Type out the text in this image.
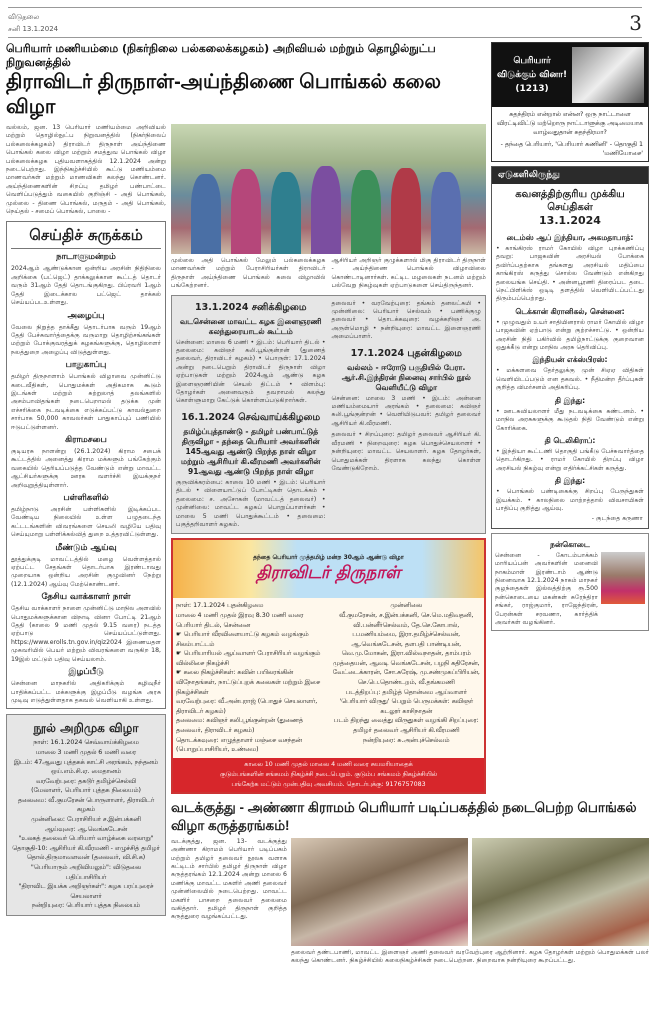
விடுதலை
சனி 13.1.2024	3
பெரியார் மணியம்மை (நிகர்நிலை பல்கலைக்கழகம்) அறிவியல் மற்றும் தொழில்நுட்ப நிறுவனத்தில்
திராவிடர் திருநாள்-அய்ந்திணை பொங்கல் கலை விழா
பெரியார் விடுக்கும் வினா! (1213)
சுதந்திரம் என்றால் என்ன? ஒரு நாட்டாளை விரட்டிவிட்டு மற்றொரு நாட்டாளுக்கு அடிமையாக வாழ்வதுதான் சுதந்திரமா?
- தந்தை பெரியார், 'பெரியார் கணினி' - தொகுதி 1 'மணியோசை'
ஏடுகளிலிருந்து
கவனத்திற்குரிய முக்கிய செய்திகள்
13.1.2024
டைம்ஸ் ஆப் இந்தியா, அகமதாபாத்:
• காங்கிரஸ் ராமர் கோயில் விழா புறக்கணிப்பு தவறு: பாஜகவின் அரசியல் போக்கை தவிர்ப்பதற்காக தங்களது அரசியல் மதிப்பை காங்கிரஸ் கருத்து சொல்ல வேண்டும் என்கிறது தலையங்க செய்தி. • அன்னபூரணி திரைப்பட தடை நெட்பிளிக்ஸ் ஒடிடி தளத்தில் வெளியிடப்பட்டது திரும்பப்பெற்றது.
டெக்கான் கிரானிகல், சென்னை:
• முழுவதும் உயர் சாதியினரால் ராமர் கோயில் விழா பாஜகவின் ஏற்பாடு என்று குற்றச்சாட்டு. • ஒன்றிய அரசின் நிதி பகிர்வில் தமிழ்நாட்டுக்கு குறைவான ஒதுக்கீடு என்று மாநில அரசு தெரிவிப்பு.
இந்தியன் எக்ஸ்பிரஸ்:
• மக்களவை தேர்தலுக்கு முன் சிஏஏ விதிகள் வெளியிடப்படும் என தகவல். • நீதிமன்ற தீர்ப்புகள் குறித்த விமர்சனம் அதிகரிப்பு.
தி இந்து:
• ஊடகவியலாளர் மீது நடவடிக்கை கண்டனம். • மாநில அரசுகளுக்கு கூடுதல் நிதி வேண்டும் என்று கோரிக்கை.
தி டெலிகிராப்:
• இந்தியா கூட்டணி தொகுதி பங்கீடு பேச்சுவார்த்தை தொடர்கிறது. • ராமர் கோயில் திறப்பு விழா அரசியல் நிகழ்வு என்று எதிர்க்கட்சிகள் கருத்து.
தி இந்து:
• பொங்கல் பண்டிகைக்கு சிறப்பு பேருந்துகள் இயக்கம். • காலநிலை மாற்றத்தால் விவசாயிகள் பாதிப்பு குறித்து ஆய்வு.
- குடந்தை கருணா
நன்கொடை
சென்னை - கோடம்பாக்கம் மாரியப்பன் அவர்களின் மனைவி நாகம்மாள் இரண்டாம் ஆண்டு நினைவாக 12.1.2024 நாகம் மாநகர் குழந்தைகள் இல்லத்திற்கு ரூ.500 நன்கொடையை மகன்கள் சுரேந்திரா சங்கர், ராஜ்குமார், ராஜேந்திரன், பேரன்கள் சரவணா, கார்த்திக் அவர்கள் வழங்கினர்.
வல்லம், ஜன. 13 பெரியார் மணியம்மை அறிவியல் மற்றும் தொழில்நுட்ப நிறுவனத்தில் (நிகர்நிலைப் பல்கலைக்கழகம்) திராவிடர் திருநாள் அய்ந்திணை பொங்கல் கலை விழா மற்றும் சமத்துவ பொங்கல் விழா பல்கலைக்கழக புதியவளாகத்தில் 12.1.2024 அன்று நடைபெற்றது. இந்நிகழ்ச்சியில் கூட்டு மணியம்மை மாணவர்கள் மற்றும் மாணவிகள் கலந்து கொண்டனர். அய்ந்திணைகளின் சிறப்பு தமிழர் பண்பாட்டை வெளிப்படுத்தும் வகையில் குறிஞ்சி - அதி பொங்கல், முல்லை - திணை பொங்கல், மருதம் - அதி பொங்கல், நெய்தல் - சமைப் பொங்கல், பாலை -
செய்திச் சுருக்கம்
நாடாளுமன்றம்
2024ஆம் ஆண்டுக்கான ஒன்றிய அரசின் நிதிநிலை அறிக்கை (பட்ஜெட்) தாக்கலுக்கான கூட்டத் தொடர் வரும் 31ஆம் தேதி தொடங்குகிறது. பிப்ரவரி 1ஆம் தேதி இடைக்கால பட்ஜெட் தாக்கல் செய்யப்படஉள்ளது.
அழைப்பு
வேலை நிறுத்த தாக்கீது தொடர்பாக வரும் 19ஆம் தேதி பேச்சுவார்த்தைக்கு வருமாறு தொழிற்சங்கங்கள் மற்றும் போக்குவரத்துக் கழகங்களுக்கு, தொழிலாளர் நலத்துறை அழைப்பு விடுத்துள்ளது.
பாதுகாப்பு
தமிழர் திருநாளாம் பொங்கல் விழாவை முன்னிட்டு கடைவீதிகள், பொதுமக்கள் அதிகமாக கூடும் இடங்கள் மற்றும் சுற்றுலாத் தலங்களில் அசம்பாவிதங்கள் நடைபெறாமல் தடுக்க முன் எச்சரிக்கை நடவடிக்கை எடுக்கப்பட்டு காவல்துறை சார்பாக 50,000 காவலர்கள் பாதுகாப்புப் பணியில் ஈடுபட்டுள்ளனர்.
கிராமசபை
குடியரசு நாளன்று (26.1.2024) கிராம சபைக் கூட்டத்தில் அனைத்து கிராம மக்களும் பங்கேற்கும் வகையில் தெரியப்படுத்த வேண்டும் என்று மாவட்ட ஆட்சியர்களுக்கு ஊரக வளர்ச்சி இயக்குநர் அறிவுறுத்தியுள்ளார்.
பள்ளிகளில்
தமிழ்நாடு அரசின் பள்ளிகளில் இடிக்கப்பட வேண்டிய நிலையில் உள்ள பழுதடைந்த கட்டடங்களின் விவரங்களை செயலி வழியே பதிவு செய்யுமாறு பள்ளிக்கல்வித் துறை உத்தரவிட்டுள்ளது.
மீண்டும் ஆய்வு
தூத்துக்குடி மாவட்டத்தில் மழை வெள்ளத்தால் ஏற்பட்ட சேதங்கள் தொடர்பாக இரண்டாவது முறையாக ஒன்றிய அரசின் குழுவினர் நேற்று (12.1.2024) ஆய்வு மேற்கொண்டனர்.
தேசிய வாக்காளர் நாள்
தேசிய வாக்காளர் நாளை முன்னிட்டு மாநில அளவில் பொதுமக்களுக்கான விநாடி வினா போட்டி 21ஆம் தேதி (காலை 9 மணி முதல் 9.15 வரை) நடத்த ஏற்பாடு செய்யப்பட்டுள்ளது. https://www.erolls.tn.gov.in/qiz2024 இணையதள முகவரியில் பெயர் மற்றும் விவரங்களை வருகிற 18, 19இல் மட்டும் பதிவு செய்யலாம்.
இழப்பீடு
சென்னை மாநகரில் அதிகரிக்கும் கழிவுநீர் பாதிக்கப்பட்ட மக்களுக்கு இழப்பீடு வழங்க அரசு முடிவு எடுத்துள்ளதாக தகவல் வெளியாகி உள்ளது.
நூல் அறிமுக விழா
நாள்: 16.1.2024 செவ்வாய்க்கிழமை
மாலை 3 மணி முதல் 6 மணி வரை
இடம்: 47ஆவது புத்தகக் காட்சி அரங்கம், நந்தனம் ஒய்.எம்.சி.ஏ. மைதானம்
வரவேற்புரை: தகடூர் தமிழ்ச்செல்வி
(மேலாளர், பெரியார் புத்தக நிலையம்)
தலைமை: வீ.குமரேசன் பொருளாளர், திராவிடர் கழகம்
முன்னிலை: பேராசிரியர் ச.இன்பக்கனி
ஆய்வுரை: ஆ.வெங்கடேசன்
"உலகத் தலைவர் பெரியார் வாழ்க்கை வரலாறு"
தொகுதி-10: ஆசிரியர் கி.வீரமணி - எழுச்சித் தமிழர் தொல்.திருமாவளவன் (தலைவர், வி.சி.க)
"பெரியாரும் அறிவியலும்": விடுதலை பதிப்பாசிரியர்
"திராவிட இயக்க அறிஞர்கள்": கழக பரப்புரைச் செயலாளர்
நன்றியுரை: பெரியார் புத்தக நிலையம்
முல்லை அதி பொங்கல் மேலும் பல்கலைக்கழக மாணவர்கள் மற்றும் பேராசிரியர்கள் திராவிடர் திருநாள் அய்ந்திணை பொங்கல் கலை விழாவில் பங்கேற்றனர்.
ஆசிரியர் அறிஞர் குழுக்களால் மிகு திராவிடர் திருநாள் - அய்ந்திணை பொங்கல் விழாவிலை கொண்டாடினார்கள். கட்டிட மழலைகள் நடனம் மற்றும் பல்வேறு நிகழ்வுகள் ஏற்பாடுகளை செய்திருந்தனர்.
13.1.2024 சனிக்கிழமை
வடசென்னை மாவட்ட கழக இளைஞரணி கலந்துரையாடல் கூட்டம்
சென்னை: மாலை 6 மணி • இடம்: பெரியார் திடல் • தலைமை: கவிஞர் கலி.பூங்குன்றன் (துணைத் தலைவர், திராவிடர் கழகம்) • பொருள்: 17.1.2024 அன்று நடைபெறும் திராவிடர் திருநாள் விழா ஏற்பாடுகள் மற்றும் 2024ஆம் ஆண்டு கழக இளைஞரணியின் செயல் திட்டம் • விளம்பு: தோழர்கள் அனைவரும் தவறாமல் கலந்து கொள்ளுமாறு கேட்டுக் கொள்ளப்படுகிறார்கள்.
16.1.2024 செவ்வாய்க்கிழமை
தமிழ்ப்புத்தாண்டு - தமிழர் பண்பாட்டுத் திருவிழா - தந்தை பெரியார் அவர்களின் 145ஆவது ஆண்டு பிறந்த நாள் விழா மற்றும் ஆசிரியர் கி.வீரமணி அவர்களின் 91ஆவது ஆண்டு பிறந்த நாள் விழா
குருவிக்கரம்பை: காலை 10 மணி • இடம்: பெரியார் திடல் • விளையாட்டுப் போட்டிகள் தொடக்கம் • தலைமை: ச. அசோகன் (மாவட்டத் தலைவர்) • முன்னிலை: மாவட்ட கழகப் பொறுப்பாளர்கள் • மாலை 5 மணி பொதுக்கூட்டம் • தலைமை: பகுத்தறிவாளர் கழகம்.
தலைவர் • வரவேற்புரை: தங்கம் தனலட்சுமி • முன்னிலை: பெரியார் செல்வம் • பணிக்குழு தலைவர் • தொடக்கவுரை: வழக்கறிஞர் அ. அருள்மொழி • நன்றியுரை: மாவட்ட இளைஞரணி அமைப்பாளர்.
17.1.2024 புதன்கிழமை
வல்லம் - ஈரோடு பகுதியில் பேரா. ஆர்.சி.இந்திரன் நினைவு சார்பில் நூல் வெளியீட்டு விழா
சென்னை: மாலை 3 மணி • இடம்: அன்னை மணியம்மையார் அரங்கம் • தலைமை: கவிஞர் கலி.பூங்குன்றன் • வெளியிடுபவர்: தமிழர் தலைவர் ஆசிரியர் கி.வீரமணி.
தலைவர் • சிறப்புரை: தமிழர் தலைவர் ஆசிரியர் கி. வீரமணி • நிறைவுரை: கழக பொதுச்செயலாளர் • நன்றியுரை: மாவட்ட செயலாளர். கழக தோழர்கள், பொதுமக்கள் திரளாக கலந்து கொள்ள வேண்டுகிறோம்.
தந்தை பெரியார் முத்தமிழ் மன்ற 30ஆம் ஆண்டு விழா
திராவிடர் திருநாள்
நாள்: 17.1.2024 புதன்கிழமை
மாலை 4 மணி முதல் இரவு 8.30 மணி வரை
பெரியார் திடல், சென்னை
☛ பெரியார் வீரவிளையாட்டு கழகம் வழங்கும் சிலம்பாட்டம்
☛ பெரியாரியல் ஆய்வாளர் பேராசிரியர் வழங்கும் வில்லிசை நிகழ்ச்சி
☛ கலை நிகழ்ச்சிகள்: கவின் பயிலரங்கின் விநோதங்கள், நாட்டுப்புறக் கலைகள் மற்றும் இசை நிகழ்ச்சிகள்
வரவேற்புரை: வீ.அன்புராஜ் (பொதுச் செயலாளர், திராவிடர் கழகம்)
தலைமை: கவிஞர் கலி.பூங்குன்றன் (துணைத் தலைவர், திராவிடர் கழகம்)
தொடக்கவுரை: எழுத்தாளர் மஞ்சை வசந்தன் (பொறுப்பாசிரியர், உண்மை)
முன்னிலை
வீ.குமரேசன், ச.இன்பக்கனி, செ.மெ.மதிவதனி, வி.பன்னீர்செல்வம், தே.செ.கோபால், ப.மணியம்மை, இரா.தமிழ்ச்செல்வன், ஆ.வெங்கடேசன், தளபதி பாண்டியன், வெ.மு.மோகன், இரா.வில்வநாதன், தாம்பரம் முத்தையன், ஆவடி வெங்கடேசன், பழநி கதிரேசன், வேட்டைக்காரன், சோ.சுரேஷ், மு.சண்முகப்பிரியன், செ.பெ.தொண்டறம், வீ.தங்கமணி
படத்திறப்பு: தமிழ்த் தொன்மை ஆய்வாளர்
'பெரியார் விருது' பெறும் பெருமக்கள்: கவிஞர் கடலூர் காசிநாதன்
படம் திறந்து வைத்து விருதுகள் வழங்கி சிறப்புரை: தமிழர் தலைவர் ஆசிரியர் கி.வீரமணி
நன்றியுரை: சு.அன்புச்செல்வம்
காலை 10 மணி முதல் மாலை 4 மணி வரை சுயமரியாதைக்
குடும்பங்களின் சங்கமம் நிகழ்ச்சி நடைபெறும். குடும்ப சங்கமம் நிகழ்ச்சியில்
பங்கேற்க மட்டும் முன்பதிவு அவசியம். தொடர்புக்கு: 9176757083
வடக்குத்து - அண்ணா கிராமம் பெரியார் படிப்பகத்தில் நடைபெற்ற பொங்கல் விழா கருத்தரங்கம்!
வடக்குத்து, ஜன. 13- வடக்குத்து அண்ணா கிராமம் பெரியார் படிப்பகம் மற்றும் தமிழர் தலைவர் நூலக வளாக கட்டிடம் சார்பில் தமிழர் திருநாள் விழா கருத்தரங்கம் 12.1.2024 அன்று மாலை 6 மணிக்கு மாவட்ட மகளிர் அணி தலைவர் முன்னிலையில் நடைபெற்றது. மாவட்ட மகளிர் பாசறை தலைவர் தலைமை வகித்தார். தமிழர் திருநாள் குறித்த கருத்துரை வழங்கப்பட்டது.
தலைவர் தண்டபாணி, மாவட்ட இளைஞர் அணி தலைவர் வரவேற்புரை ஆற்றினார். கழக தோழர்கள் மற்றும் பொதுமக்கள் பலர் கலந்து கொண்டனர். நிகழ்ச்சியில் கலைநிகழ்ச்சிகள் நடைபெற்றன. நிறைவாக நன்றியுரை கூறப்பட்டது.
